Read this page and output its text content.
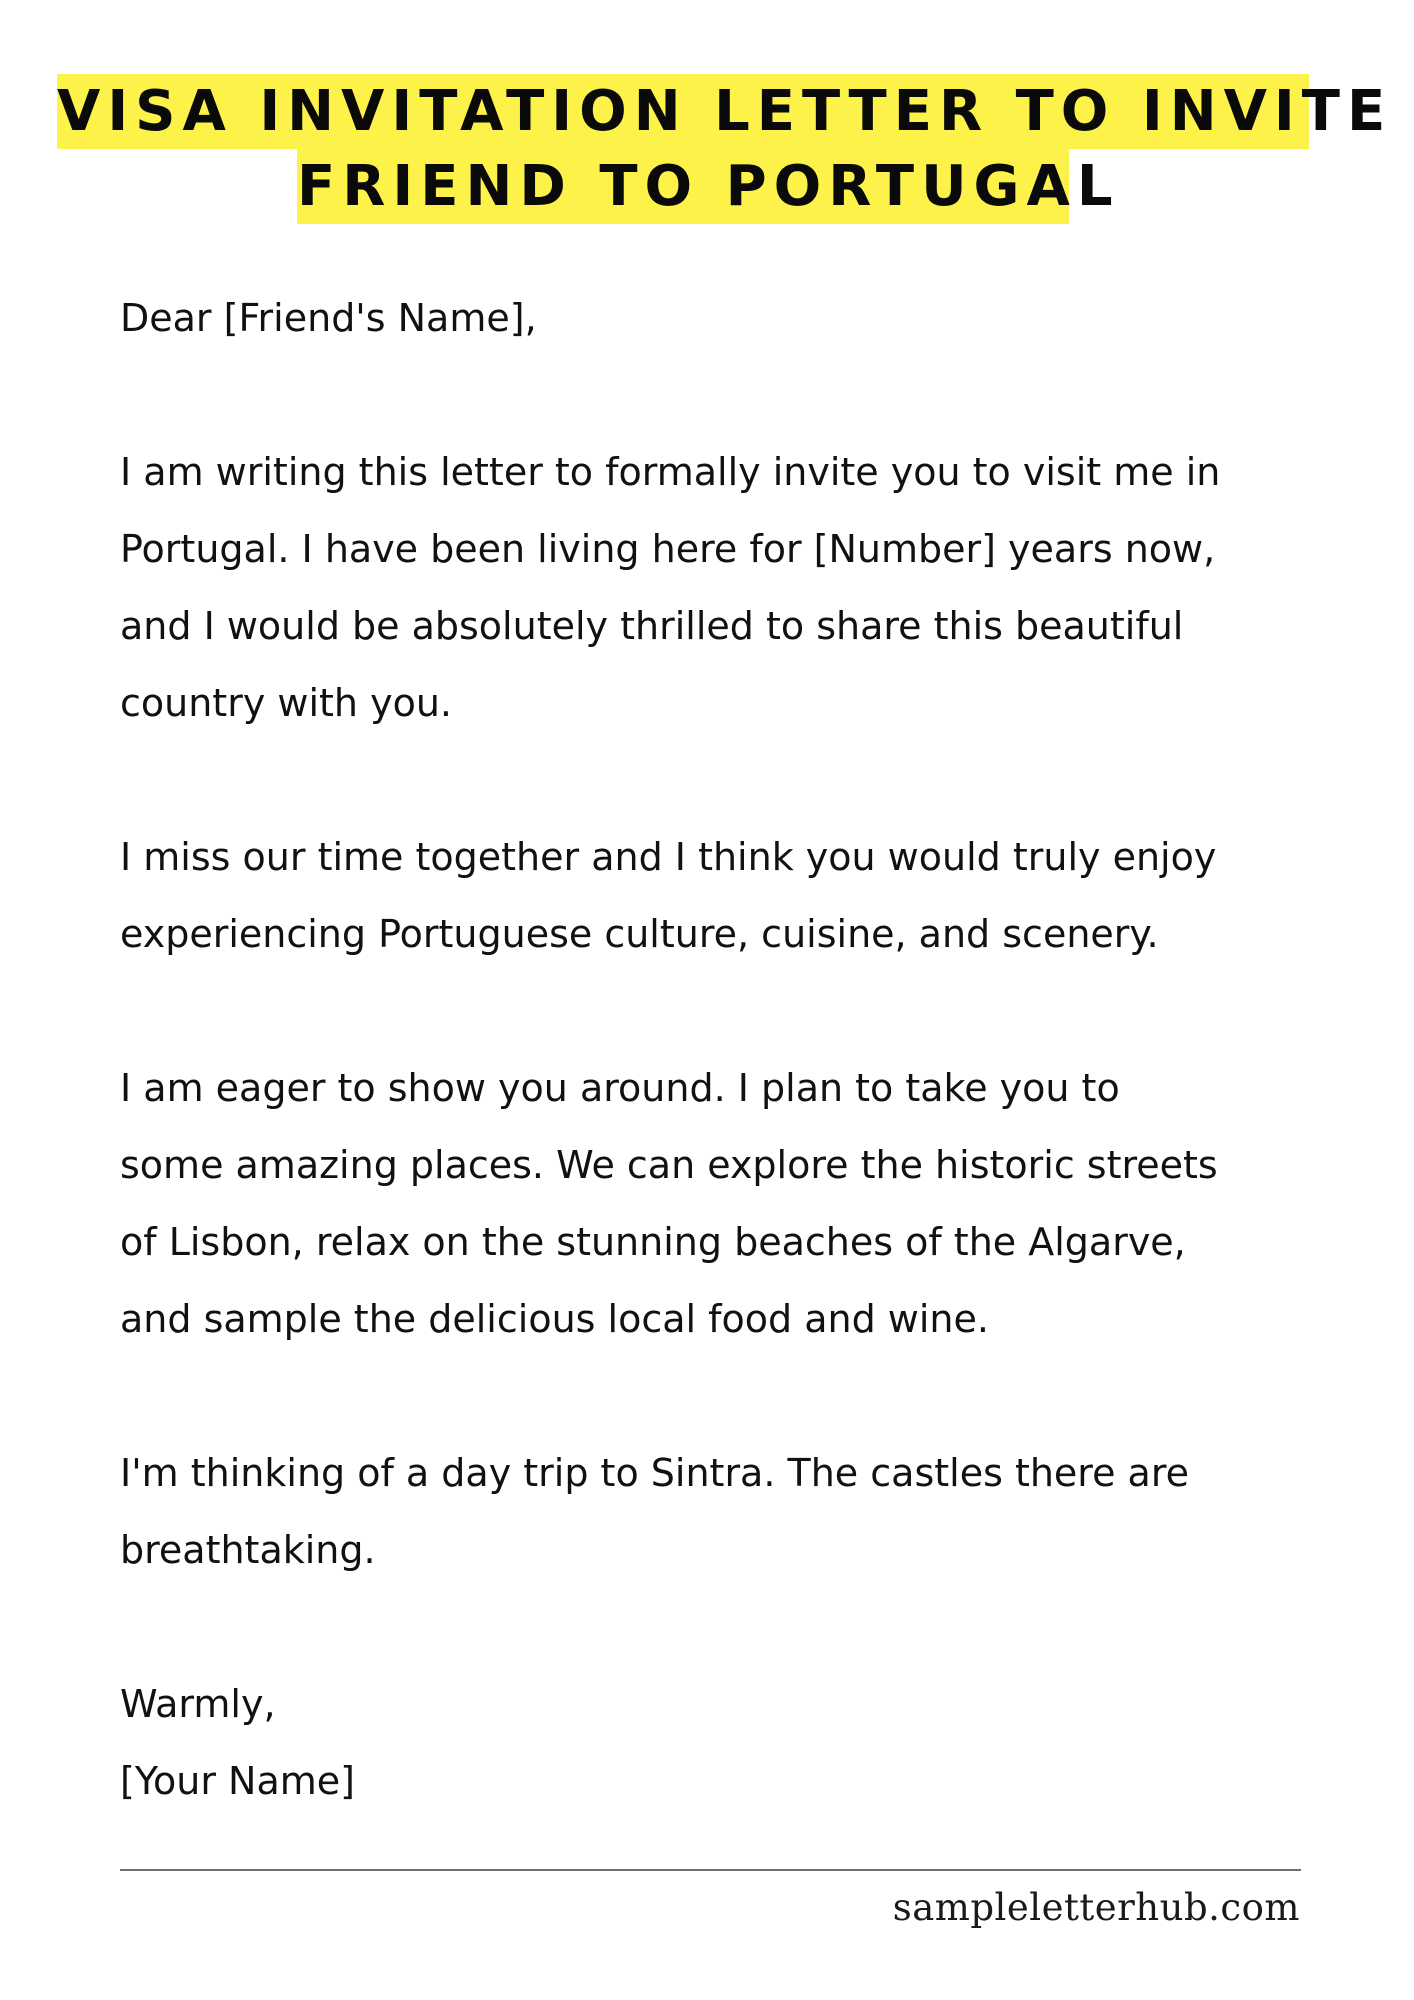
VISA INVITATION LETTER TO INVITE
FRIEND TO PORTUGAL

Dear [Friend's Name],

I am writing this letter to formally invite you to visit me in
Portugal. I have been living here for [Number] years now,
and I would be absolutely thrilled to share this beautiful
country with you.

I miss our time together and I think you would truly enjoy
experiencing Portuguese culture, cuisine, and scenery.

I am eager to show you around. I plan to take you to
some amazing places. We can explore the historic streets
of Lisbon, relax on the stunning beaches of the Algarve,
and sample the delicious local food and wine.

I'm thinking of a day trip to Sintra. The castles there are
breathtaking.

Warmly,

[Your Name]

sampleletterhub.com
